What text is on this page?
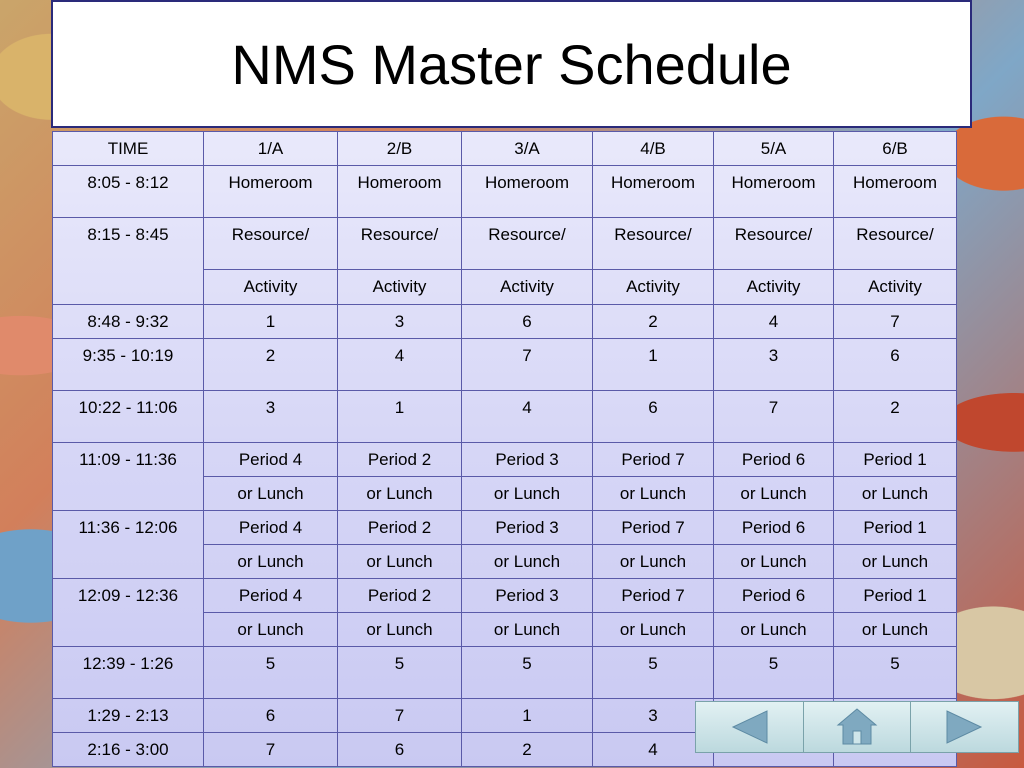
NMS Master Schedule
TIME	1/A	2/B	3/A	4/B	5/A	6/B
8:05 - 8:12	Homeroom	Homeroom	Homeroom	Homeroom	Homeroom	Homeroom
8:15 - 8:45	Resource/	Resource/	Resource/	Resource/	Resource/	Resource/
	Activity	Activity	Activity	Activity	Activity	Activity
8:48 - 9:32	1	3	6	2	4	7
9:35 - 10:19	2	4	7	1	3	6
10:22 - 11:06	3	1	4	6	7	2
11:09 - 11:36	Period 4	Period 2	Period 3	Period 7	Period 6	Period 1
	or Lunch	or Lunch	or Lunch	or Lunch	or Lunch	or Lunch
11:36 - 12:06	Period 4	Period 2	Period 3	Period 7	Period 6	Period 1
	or Lunch	or Lunch	or Lunch	or Lunch	or Lunch	or Lunch
12:09 - 12:36	Period 4	Period 2	Period 3	Period 7	Period 6	Period 1
	or Lunch	or Lunch	or Lunch	or Lunch	or Lunch	or Lunch
12:39 - 1:26	5	5	5	5	5	5
1:29 - 2:13	6	7	1	3		
2:16 - 3:00	7	6	2	4		
